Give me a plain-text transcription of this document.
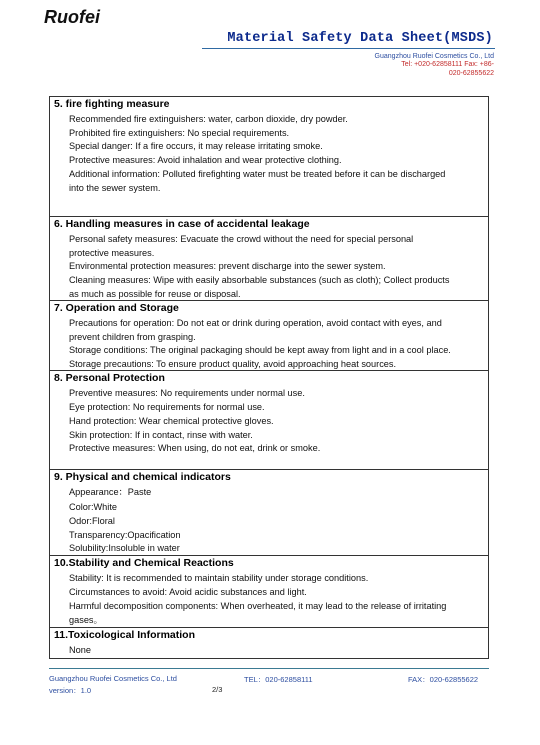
Ruofei
Material Safety Data Sheet(MSDS)
Guangzhou Ruofei Cosmetics Co., Ltd
Tel: +020-62858111 Fax: +86-
020-62855622
5. fire fighting measure
Recommended fire extinguishers: water, carbon dioxide, dry powder.
Prohibited fire extinguishers: No special requirements.
Special danger: If a fire occurs, it may release irritating smoke.
Protective measures: Avoid inhalation and wear protective clothing.
Additional information: Polluted firefighting water must be treated before it can be discharged
into the sewer system.
6. Handling measures in case of accidental leakage
Personal safety measures: Evacuate the crowd without the need for special personal
protective measures.
Environmental protection measures: prevent discharge into the sewer system.
Cleaning measures: Wipe with easily absorbable substances (such as cloth); Collect products
as much as possible for reuse or disposal.
7. Operation and Storage
Precautions for operation: Do not eat or drink during operation, avoid contact with eyes, and
prevent children from grasping.
Storage conditions: The original packaging should be kept away from light and in a cool place.
Storage precautions: To ensure product quality, avoid approaching heat sources.
8. Personal Protection
Preventive measures: No requirements under normal use.
Eye protection: No requirements for normal use.
Hand protection: Wear chemical protective gloves.
Skin protection: If in contact, rinse with water.
Protective measures: When using, do not eat, drink or smoke.
9. Physical and chemical indicators
Appearance：Paste
Color:White
Odor:Floral
Transparency:Opacification
Solubility:Insoluble in water
10.Stability and Chemical Reactions
Stability: It is recommended to maintain stability under storage conditions.
Circumstances to avoid: Avoid acidic substances and light.
Harmful decomposition components: When overheated, it may lead to the release of irritating
gases。
11.Toxicological Information
None
Guangzhou Ruofei Cosmetics Co., Ltd	TEL：020-62858111	FAX：020-62855622
version：1.0	2/3
